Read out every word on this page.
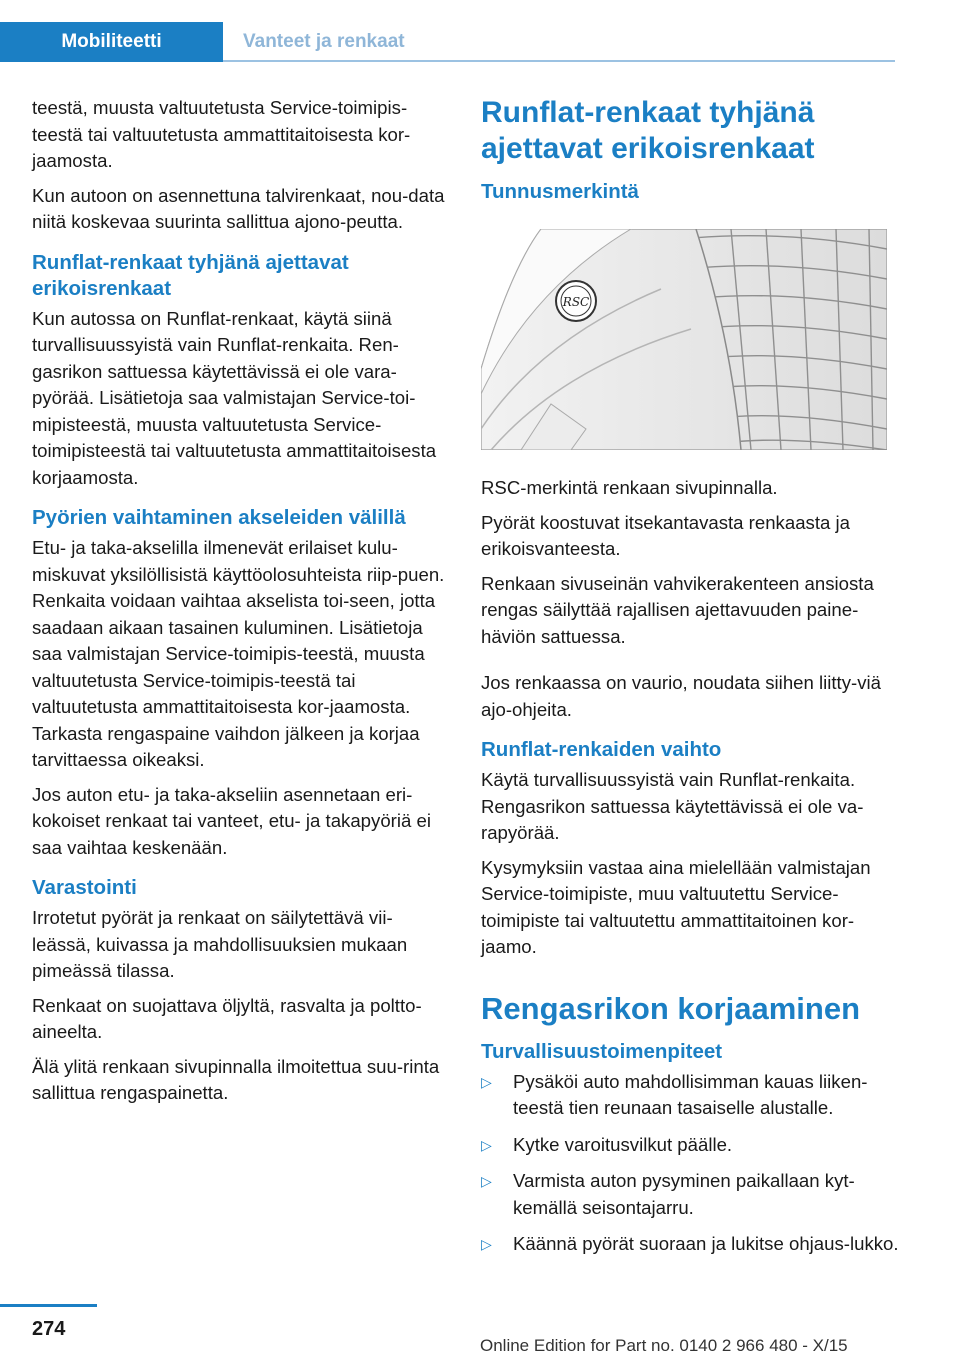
Mobiliteetti	Vanteet ja renkaat

teestä, muusta valtuutetusta Service-toimipis-teestä tai valtuutetusta ammattitaitoisesta kor-jaamosta.

Kun autoon on asennettuna talvirenkaat, nou-data niitä koskevaa suurinta sallittua ajono-peutta.

Runflat-renkaat tyhjänä ajettavat erikoisrenkaat

Kun autossa on Runflat-renkaat, käytä siinä turvallisuussyistä vain Runflat-renkaita. Ren-gasrikon sattuessa käytettävissä ei ole vara-pyörää. Lisätietoja saa valmistajan Service-toi-mipisteestä, muusta valtuutetusta Service-toimipisteestä tai valtuutetusta ammattitaitoisesta korjaamosta.

Pyörien vaihtaminen akseleiden välillä

Etu- ja taka-akselilla ilmenevät erilaiset kulu-miskuvat yksilöllisistä käyttöolosuhteista riip-puen. Renkaita voidaan vaihtaa akselista toi-seen, jotta saadaan aikaan tasainen kuluminen. Lisätietoja saa valmistajan Service-toimipis-teestä, muusta valtuutetusta Service-toimipis-teestä tai valtuutetusta ammattitaitoisesta kor-jaamosta. Tarkasta rengaspaine vaihdon jälkeen ja korjaa tarvittaessa oikeaksi.

Jos auton etu- ja taka-akseliin asennetaan eri-kokoiset renkaat tai vanteet, etu- ja takapyöriä ei saa vaihtaa keskenään.

Varastointi

Irrotetut pyörät ja renkaat on säilytettävä vii-leässä, kuivassa ja mahdollisuuksien mukaan pimeässä tilassa.

Renkaat on suojattava öljyltä, rasvalta ja poltto-aineelta.

Älä ylitä renkaan sivupinnalla ilmoitettua suu-rinta sallittua rengaspainetta.

Runflat-renkaat tyhjänä ajettavat erikoisrenkaat
Tunnusmerkintä
RSC

RSC-merkintä renkaan sivupinnalla.

Pyörät koostuvat itsekantavasta renkaasta ja erikoisvanteesta.

Renkaan sivuseinän vahvikerakenteen ansiosta rengas säilyttää rajallisen ajettavuuden paine-häviön sattuessa.

Jos renkaassa on vaurio, noudata siihen liitty-viä ajo-ohjeita.

Runflat-renkaiden vaihto

Käytä turvallisuussyistä vain Runflat-renkaita. Rengasrikon sattuessa käytettävissä ei ole va-rapyörää.

Kysymyksiin vastaa aina mielellään valmistajan Service-toimipiste, muu valtuutettu Service-toimipiste tai valtuutettu ammattitaitoinen kor-jaamo.

Rengasrikon korjaaminen
Turvallisuustoimenpiteet
▷ Pysäköi auto mahdollisimman kauas liiken-teestä tien reunaan tasaiselle alustalle.
▷ Kytke varoitusvilkut päälle.
▷ Varmista auton pysyminen paikallaan kyt-kemällä seisontajarru.
▷ Käännä pyörät suoraan ja lukitse ohjaus-lukko.
274
Online Edition for Part no. 0140 2 966 480 - X/15
